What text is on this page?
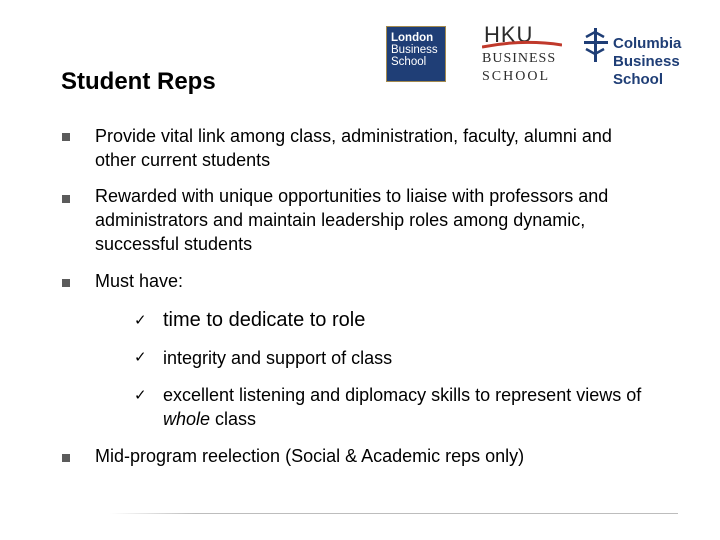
Student Reps
London
Business
School
HKU
BUSINESS
SCHOOL
Columbia
Business
School
Provide vital link among class, administration, faculty, alumni and other current students
Rewarded with unique opportunities to liaise with professors and administrators and maintain leadership roles among dynamic, successful students
Must have:
✓ time to dedicate to role
✓ integrity and support of class
✓ excellent listening and diplomacy skills to represent views of whole class
Mid-program reelection (Social & Academic reps only)
